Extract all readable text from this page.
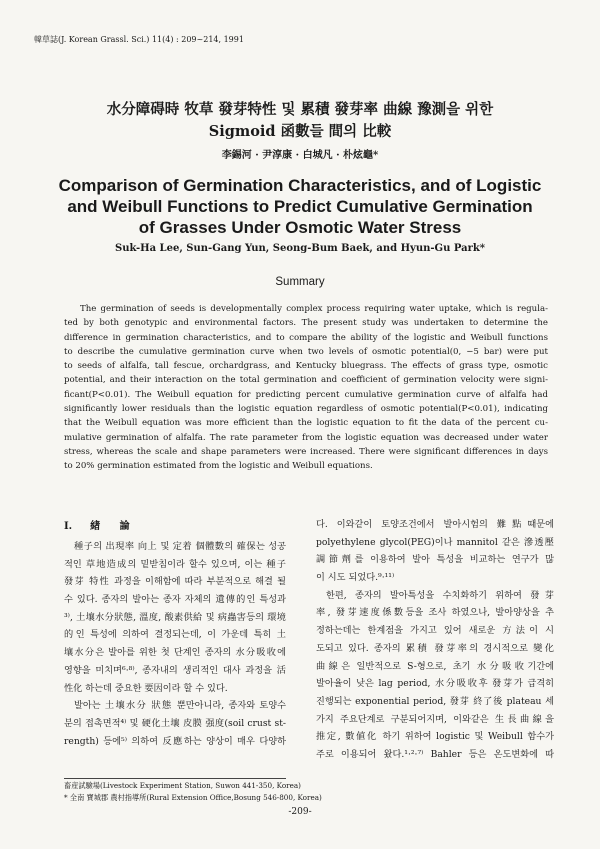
韓草誌(J. Korean Grassl. Sci.) 11(4) : 209~214, 1991
水分障碍時 牧草 發芽特性 및 累積 發芽率 曲線 豫測을 위한
Sigmoid 函數들 間의 比較
李錫河 · 尹淳康 · 白城凡 · 朴炫龜*
Comparison of Germination Characteristics, and of Logistic
and Weibull Functions to Predict Cumulative Germination
of Grasses Under Osmotic Water Stress
Suk-Ha Lee, Sun-Gang Yun, Seong-Bum Baek, and Hyun-Gu Park*
Summary
The germination of seeds is developmentally complex process requiring water uptake, which is regula-
ted by both genotypic and environmental factors. The present study was undertaken to determine the
difference in germination characteristics, and to compare the ability of the logistic and Weibull functions
to describe the cumulative germination curve when two levels of osmotic potential(0, −5 bar) were put
to seeds of alfalfa, tall fescue, orchardgrass, and Kentucky bluegrass. The effects of grass type, osmotic
potential, and their interaction on the total germination and coefficient of germination velocity were signi-
ficant(P<0.01). The Weibull equation for predicting percent cumulative germination curve of alfalfa had
significantly lower residuals than the logistic equation regardless of osmotic potential(P<0.01), indicating
that the Weibull equation was more efficient than the logistic equation to fit the data of the percent cu-
mulative germination of alfalfa. The rate parameter from the logistic equation was decreased under water
stress, whereas the scale and shape parameters were increased. There were significant differences in days
to 20% germination estimated from the logistic and Weibull equations.
I. 緖 論
種子의 出現率 向上 및 定着 個體數의 確保는 성공
적인 草地造成의 밑받침이라 할수 있으며, 이는 種子
發芽 特性 과정을 이해함에 따라 부분적으로 해결 될
수 있다. 종자의 발아는 종자 자체의 遺傳的인 특성과
³⁾, 土壤水分狀態, 溫度, 酸素供給 및 病蟲害등의 環境
的인 특성에 의하여 결정되는데, 이 가운데 특히 土
壤水分은 발아를 위한 첫 단계인 종자의 水分吸收에
영향을 미치며⁶·⁸⁾, 종자내의 생리적인 대사 과정을 活
性化 하는데 중요한 要因이라 할 수 있다.
발아는 土壤水分 狀態 뿐만아니라, 종자와 토양수
분의 접촉면적⁴⁾ 및 硬化土壤 皮膜 强度(soil crust st-
rength) 등에⁵⁾ 의하여 反應하는 양상이 매우 다양하
다. 이와같이 토양조건에서 발아시험의 難點때문에
polyethylene glycol(PEG)이나 mannitol 같은 滲透壓
調節劑를 이용하여 발아 특성을 비교하는 연구가 많
이 시도 되었다.⁹·¹¹⁾
한편, 종자의 발아특성을 수치화하기 위하여 發芽
率, 發芽速度係數등을 조사 하였으나, 발아양상을 추
정하는데는 한계점을 가지고 있어 새로운 方法이 시
도되고 있다. 종자의 累積 發芽率의 경시적으로 變化
曲線은 일반적으로 S-형으로, 초기 水分吸收기간에
발아율이 낮은 lag period, 水分吸收후 發芽가 급격히
진행되는 exponential period, 發芽 終了後 plateau 세
가지 주요단계로 구분되어지며, 이와같은 生長曲線을
推定, 數値化 하기 위하여 logistic 및 Weibull 함수가
주로 이용되어 왔다.¹·²·⁷⁾ Bahler 등은 온도변화에 따
畜産試驗場(Livestock Experiment Station, Suwon 441-350, Korea)
* 全南 寶城郡 農村指導所(Rural Extension Office,Bosung 546-800, Korea)
-209-
